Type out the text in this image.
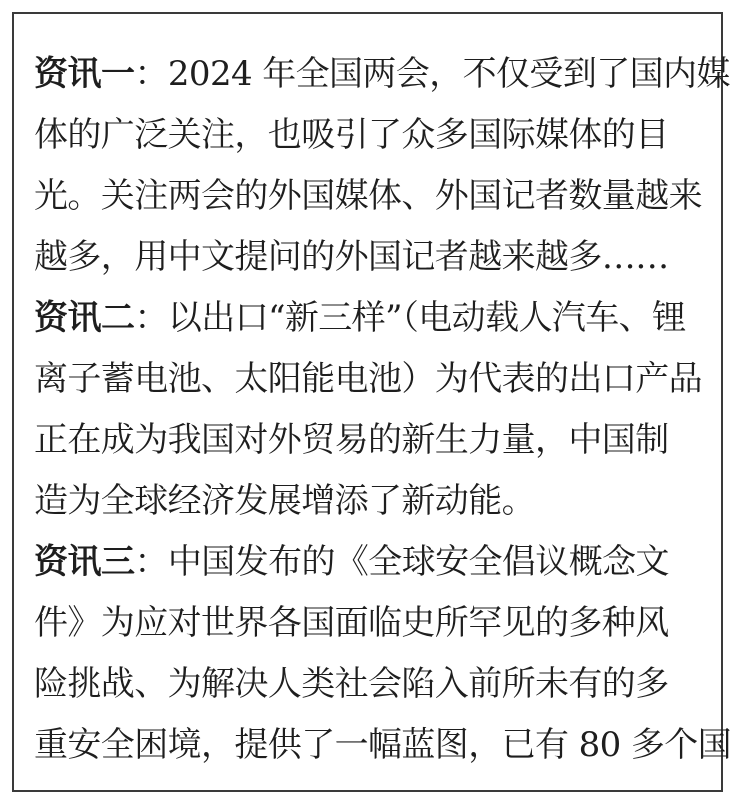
资讯一：2024 年全国两会，不仅受到了国内媒
体的广泛关注，也吸引了众多国际媒体的目
光。关注两会的外国媒体、外国记者数量越来
越多，用中文提问的外国记者越来越多……
资讯二：以出口“新三样”（电动载人汽车、锂
离子蓄电池、太阳能电池）为代表的出口产品
正在成为我国对外贸易的新生力量，中国制
造为全球经济发展增添了新动能。
资讯三：中国发布的《全球安全倡议概念文
件》为应对世界各国面临史所罕见的多种风
险挑战、为解决人类社会陷入前所未有的多
重安全困境，提供了一幅蓝图，已有 80 多个国
